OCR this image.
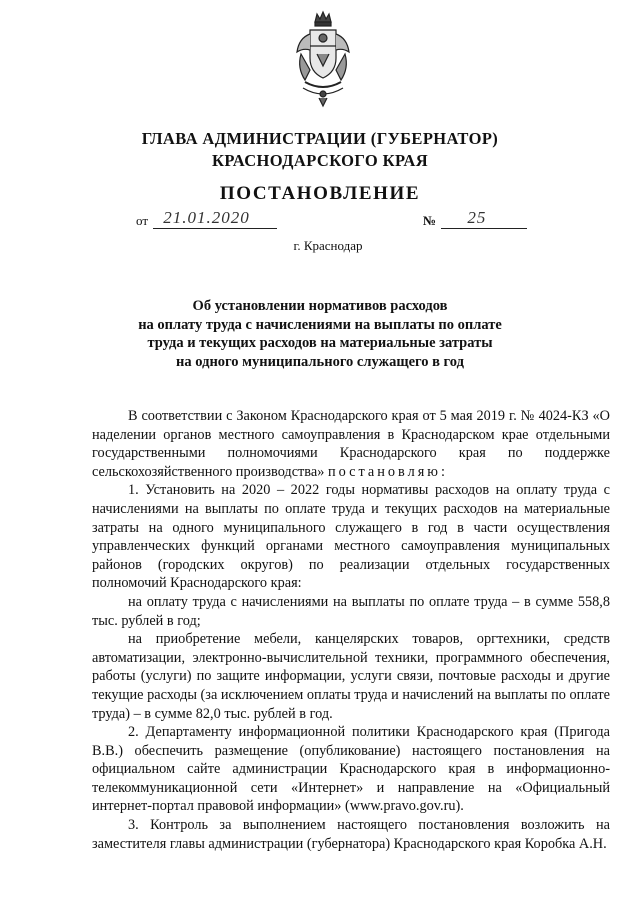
ГЛАВА АДМИНИСТРАЦИИ (ГУБЕРНАТОР)
КРАСНОДАРСКОГО КРАЯ
ПОСТАНОВЛЕНИЕ
от 21.01.2020	№ 25
г. Краснодар
Об установлении нормативов расходов
на оплату труда с начислениями на выплаты по оплате
труда и текущих расходов на материальные затраты
на одного муниципального служащего в год

В соответствии с Законом Краснодарского края от 5 мая 2019 г. № 4024-КЗ «О наделении органов местного самоуправления в Краснодарском крае отдельными государственными полномочиями Краснодарского края по поддержке сельскохозяйственного производства» постановляю:

1. Установить на 2020 – 2022 годы нормативы расходов на оплату труда с начислениями на выплаты по оплате труда и текущих расходов на материальные затраты на одного муниципального служащего в год в части осуществления управленческих функций органами местного самоуправления муниципальных районов (городских округов) по реализации отдельных государственных полномочий Краснодарского края:

на оплату труда с начислениями на выплаты по оплате труда – в сумме 558,8 тыс. рублей в год;

на приобретение мебели, канцелярских товаров, оргтехники, средств автоматизации, электронно-вычислительной техники, программного обеспечения, работы (услуги) по защите информации, услуги связи, почтовые расходы и другие текущие расходы (за исключением оплаты труда и начислений на выплаты по оплате труда) – в сумме 82,0 тыс. рублей в год.

2. Департаменту информационной политики Краснодарского края (Пригода В.В.) обеспечить размещение (опубликование) настоящего постановления на официальном сайте администрации Краснодарского края в информационно-телекоммуникационной сети «Интернет» и направление на «Официальный интернет-портал правовой информации» (www.pravo.gov.ru).

3. Контроль за выполнением настоящего постановления возложить на заместителя главы администрации (губернатора) Краснодарского края Коробка А.Н.
